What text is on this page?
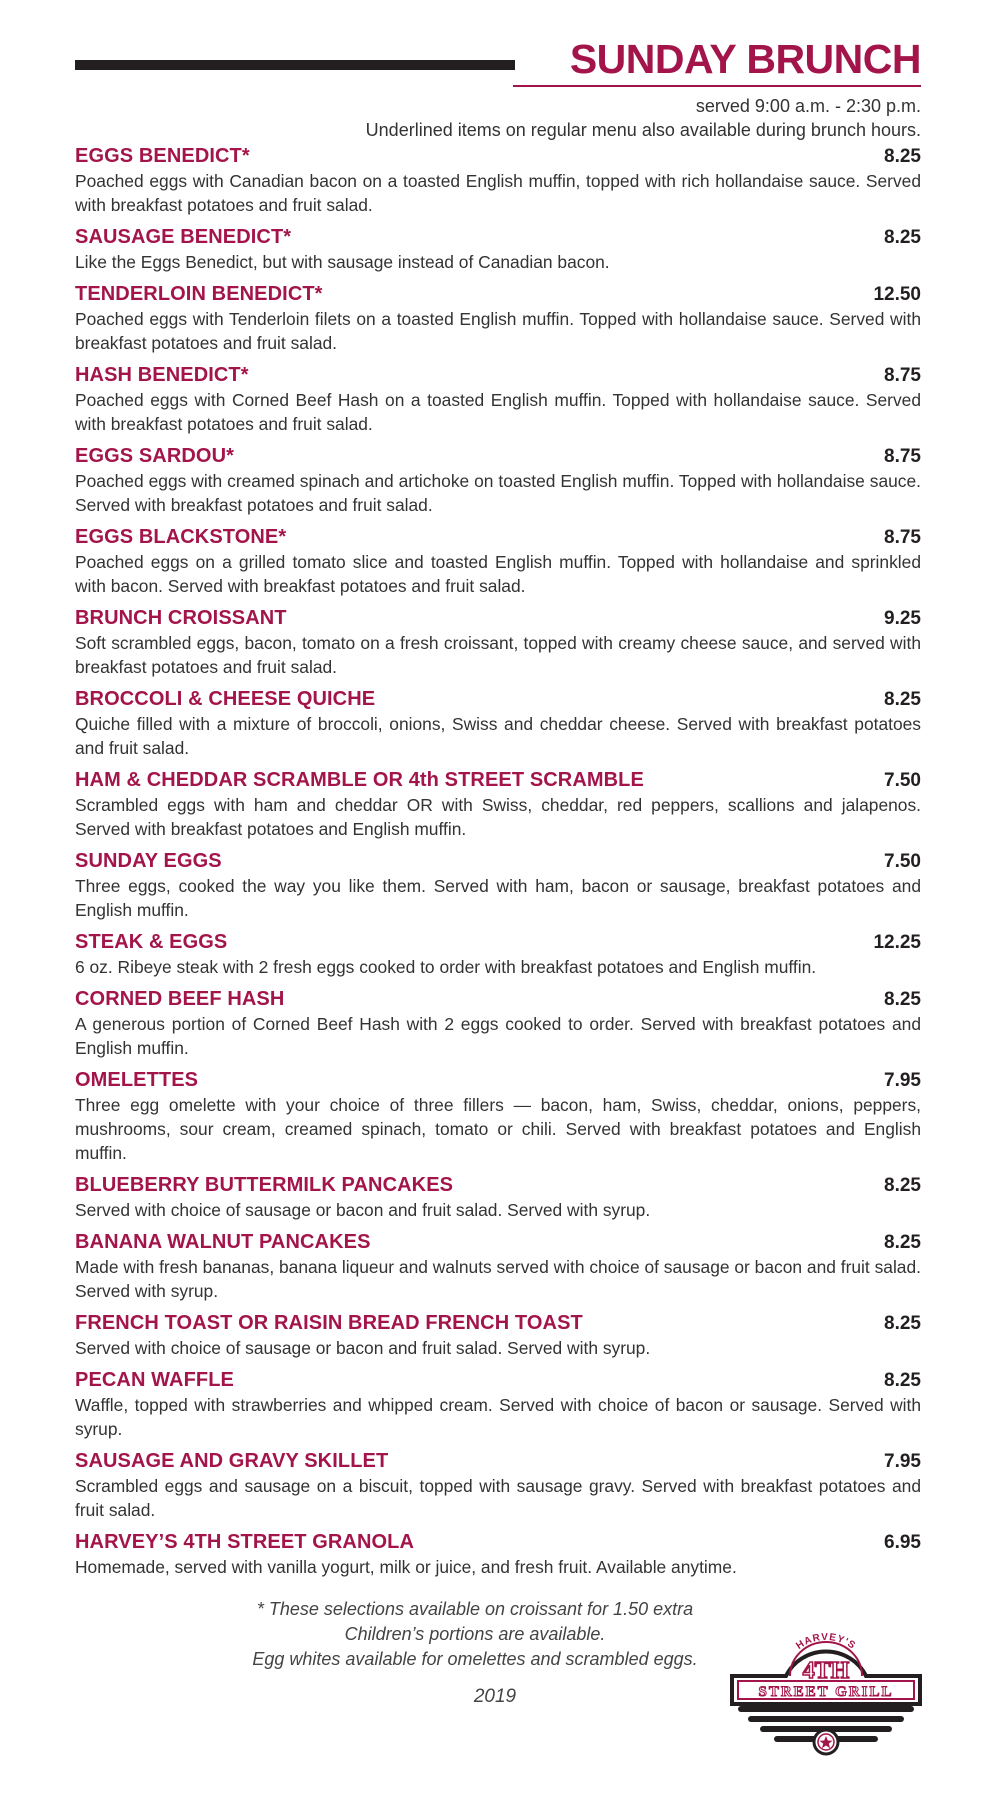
SUNDAY BRUNCH
served 9:00 a.m. - 2:30 p.m.
Underlined items on regular menu also available during brunch hours.
EGGS BENEDICT*	8.25
Poached eggs with Canadian bacon on a toasted English muffin, topped with rich hollandaise sauce. Served with breakfast potatoes and fruit salad.
SAUSAGE BENEDICT*	8.25
Like the Eggs Benedict, but with sausage instead of Canadian bacon.
TENDERLOIN BENEDICT*	12.50
Poached eggs with Tenderloin filets on a toasted English muffin. Topped with hollandaise sauce. Served with breakfast potatoes and fruit salad.
HASH BENEDICT*	8.75
Poached eggs with Corned Beef Hash on a toasted English muffin. Topped with hollandaise sauce. Served with breakfast potatoes and fruit salad.
EGGS SARDOU*	8.75
Poached eggs with creamed spinach and artichoke on toasted English muffin. Topped with hollandaise sauce. Served with breakfast potatoes and fruit salad.
EGGS BLACKSTONE*	8.75
Poached eggs on a grilled tomato slice and toasted English muffin. Topped with hollandaise and sprinkled with bacon. Served with breakfast potatoes and fruit salad.
BRUNCH CROISSANT	9.25
Soft scrambled eggs, bacon, tomato on a fresh croissant, topped with creamy cheese sauce, and served with breakfast potatoes and fruit salad.
BROCCOLI & CHEESE QUICHE	8.25
Quiche filled with a mixture of broccoli, onions, Swiss and cheddar cheese. Served with breakfast potatoes and fruit salad.
HAM & CHEDDAR SCRAMBLE OR 4th STREET SCRAMBLE	7.50
Scrambled eggs with ham and cheddar OR with Swiss, cheddar, red peppers, scallions and jalapenos. Served with breakfast potatoes and English muffin.
SUNDAY EGGS	7.50
Three eggs, cooked the way you like them. Served with ham, bacon or sausage, breakfast potatoes and English muffin.
STEAK & EGGS	12.25
6 oz. Ribeye steak with 2 fresh eggs cooked to order with breakfast potatoes and English muffin.
CORNED BEEF HASH	8.25
A generous portion of Corned Beef Hash with 2 eggs cooked to order. Served with breakfast potatoes and English muffin.
OMELETTES	7.95
Three egg omelette with your choice of three fillers — bacon, ham, Swiss, cheddar, onions, peppers, mushrooms, sour cream, creamed spinach, tomato or chili. Served with breakfast potatoes and English muffin.
BLUEBERRY BUTTERMILK PANCAKES	8.25
Served with choice of sausage or bacon and fruit salad. Served with syrup.
BANANA WALNUT PANCAKES	8.25
Made with fresh bananas, banana liqueur and walnuts served with choice of sausage or bacon and fruit salad. Served with syrup.
FRENCH TOAST OR RAISIN BREAD FRENCH TOAST	8.25
Served with choice of sausage or bacon and fruit salad. Served with syrup.
PECAN WAFFLE	8.25
Waffle, topped with strawberries and whipped cream. Served with choice of bacon or sausage. Served with syrup.
SAUSAGE AND GRAVY SKILLET	7.95
Scrambled eggs and sausage on a biscuit, topped with sausage gravy. Served with breakfast potatoes and fruit salad.
HARVEY’S 4TH STREET GRANOLA	6.95
Homemade, served with vanilla yogurt, milk or juice, and fresh fruit. Available anytime.
* These selections available on croissant for 1.50 extra
Children’s portions are available.
Egg whites available for omelettes and scrambled eggs.
2019
HARVEY'S
4TH
STREET GRILL
